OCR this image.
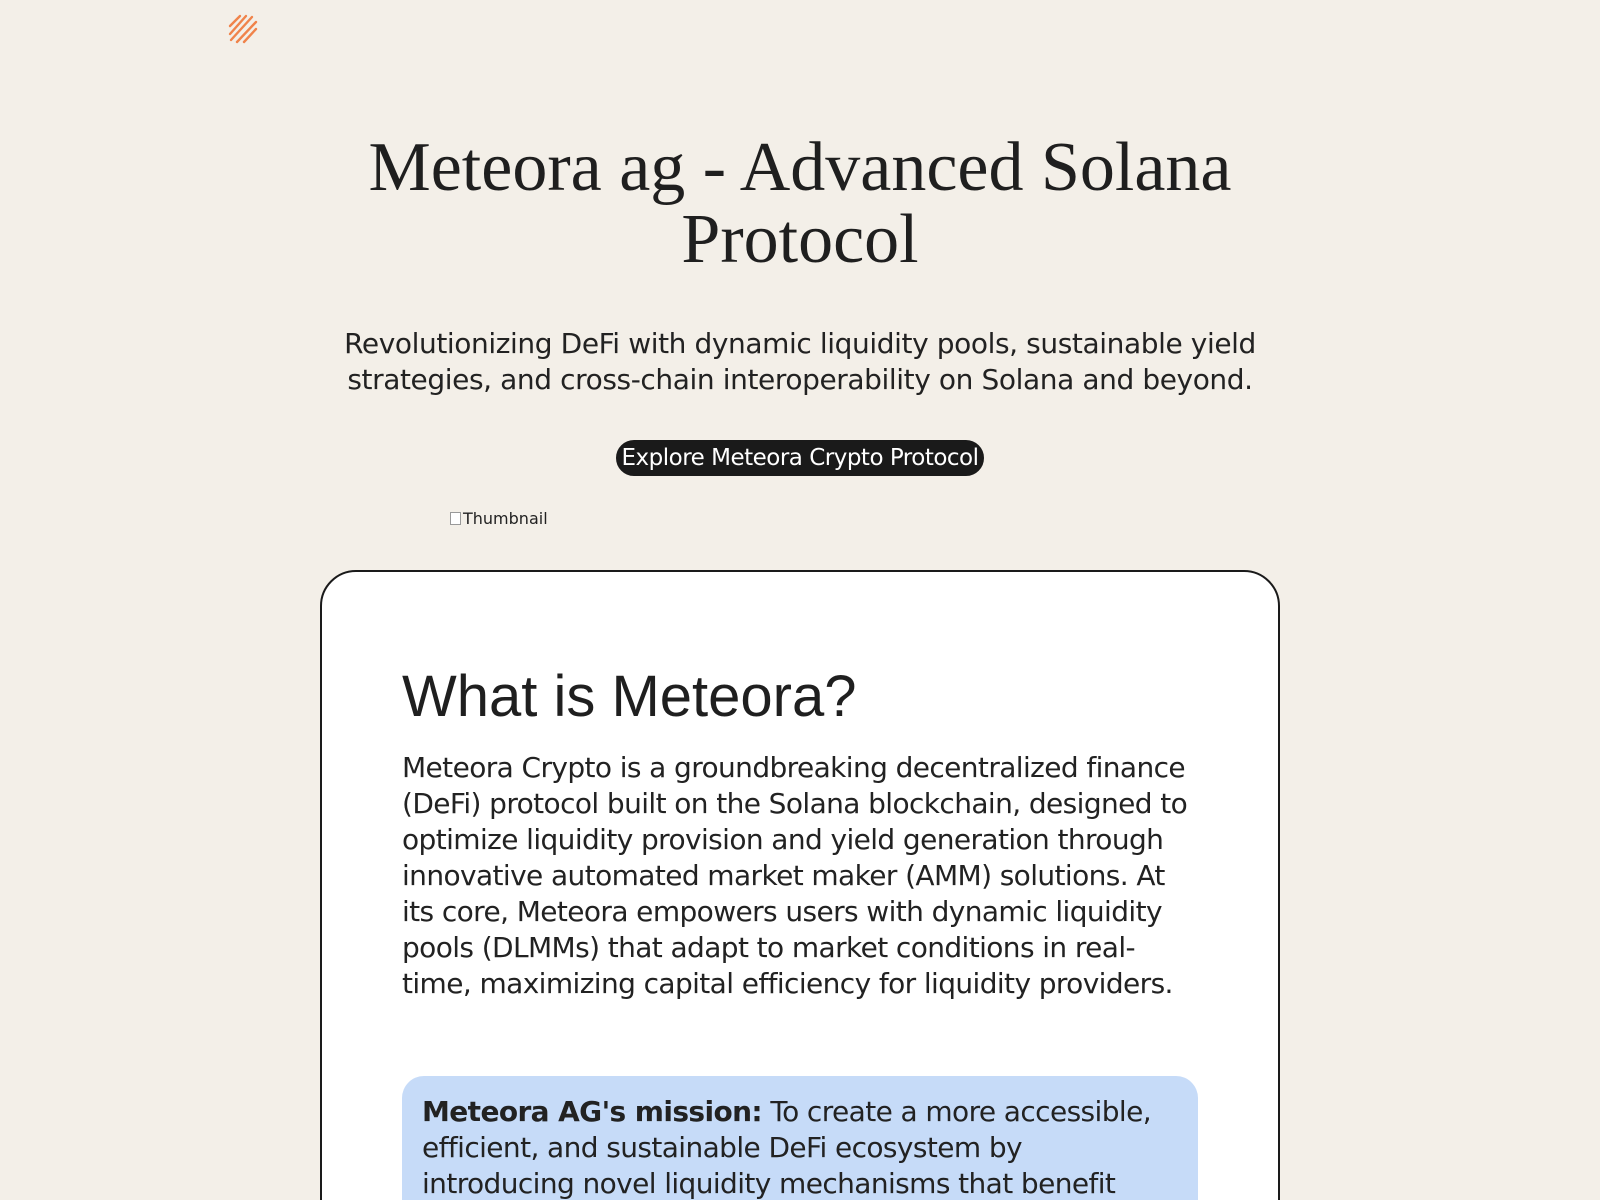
Meteora ag - Advanced Solana Protocol

Revolutionizing DeFi with dynamic liquidity pools, sustainable yield strategies, and cross-chain interoperability on Solana and beyond.

Explore Meteora Crypto Protocol
Thumbnail
What is Meteora?

Meteora Crypto is a groundbreaking decentralized finance (DeFi) protocol built on the Solana blockchain, designed to optimize liquidity provision and yield generation through innovative automated market maker (AMM) solutions. At its core, Meteora empowers users with dynamic liquidity pools (DLMMs) that adapt to market conditions in real-time, maximizing capital efficiency for liquidity providers.

Meteora AG's mission: To create a more accessible, efficient, and sustainable DeFi ecosystem by introducing novel liquidity mechanisms that benefit
